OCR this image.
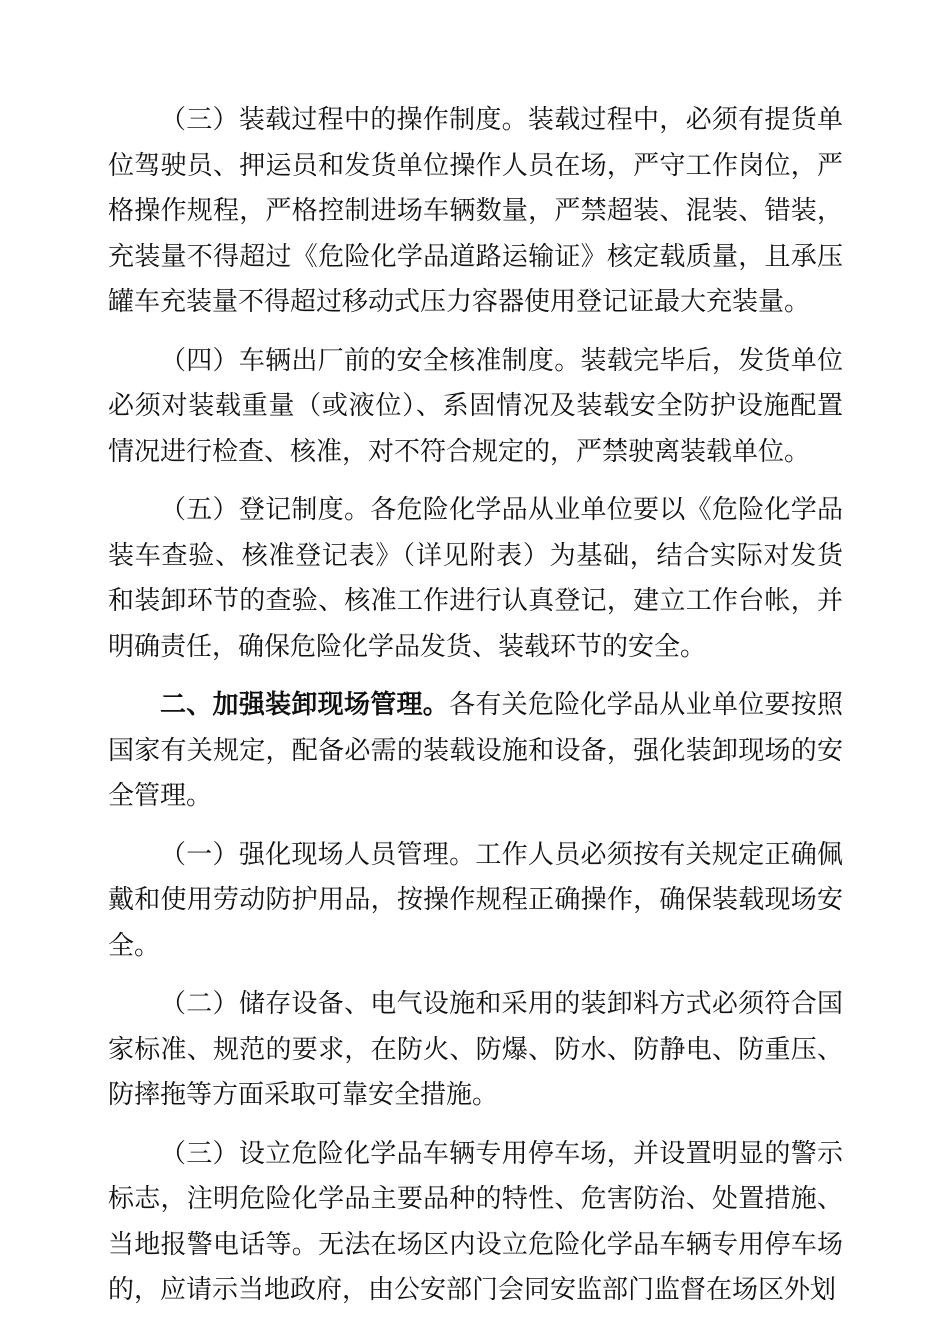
（三）装载过程中的操作制度。装载过程中，必须有提货单位驾驶员、押运员和发货单位操作人员在场，严守工作岗位，严格操作规程，严格控制进场车辆数量，严禁超装、混装、错装，充装量不得超过《危险化学品道路运输证》核定载质量，且承压罐车充装量不得超过移动式压力容器使用登记证最大充装量。

（四）车辆出厂前的安全核准制度。装载完毕后，发货单位必须对装载重量（或液位）、系固情况及装载安全防护设施配置情况进行检查、核准，对不符合规定的，严禁驶离装载单位。

（五）登记制度。各危险化学品从业单位要以《危险化学品装车查验、核准登记表》（详见附表）为基础，结合实际对发货和装卸环节的查验、核准工作进行认真登记，建立工作台帐，并明确责任，确保危险化学品发货、装载环节的安全。

二、加强装卸现场管理。各有关危险化学品从业单位要按照国家有关规定，配备必需的装载设施和设备，强化装卸现场的安全管理。

（一）强化现场人员管理。工作人员必须按有关规定正确佩戴和使用劳动防护用品，按操作规程正确操作，确保装载现场安全。

（二）储存设备、电气设施和采用的装卸料方式必须符合国家标准、规范的要求，在防火、防爆、防水、防静电、防重压、防摔拖等方面采取可靠安全措施。

（三）设立危险化学品车辆专用停车场，并设置明显的警示标志，注明危险化学品主要品种的特性、危害防治、处置措施、当地报警电话等。无法在场区内设立危险化学品车辆专用停车场的，应请示当地政府，由公安部门会同安监部门监督在场区外划
